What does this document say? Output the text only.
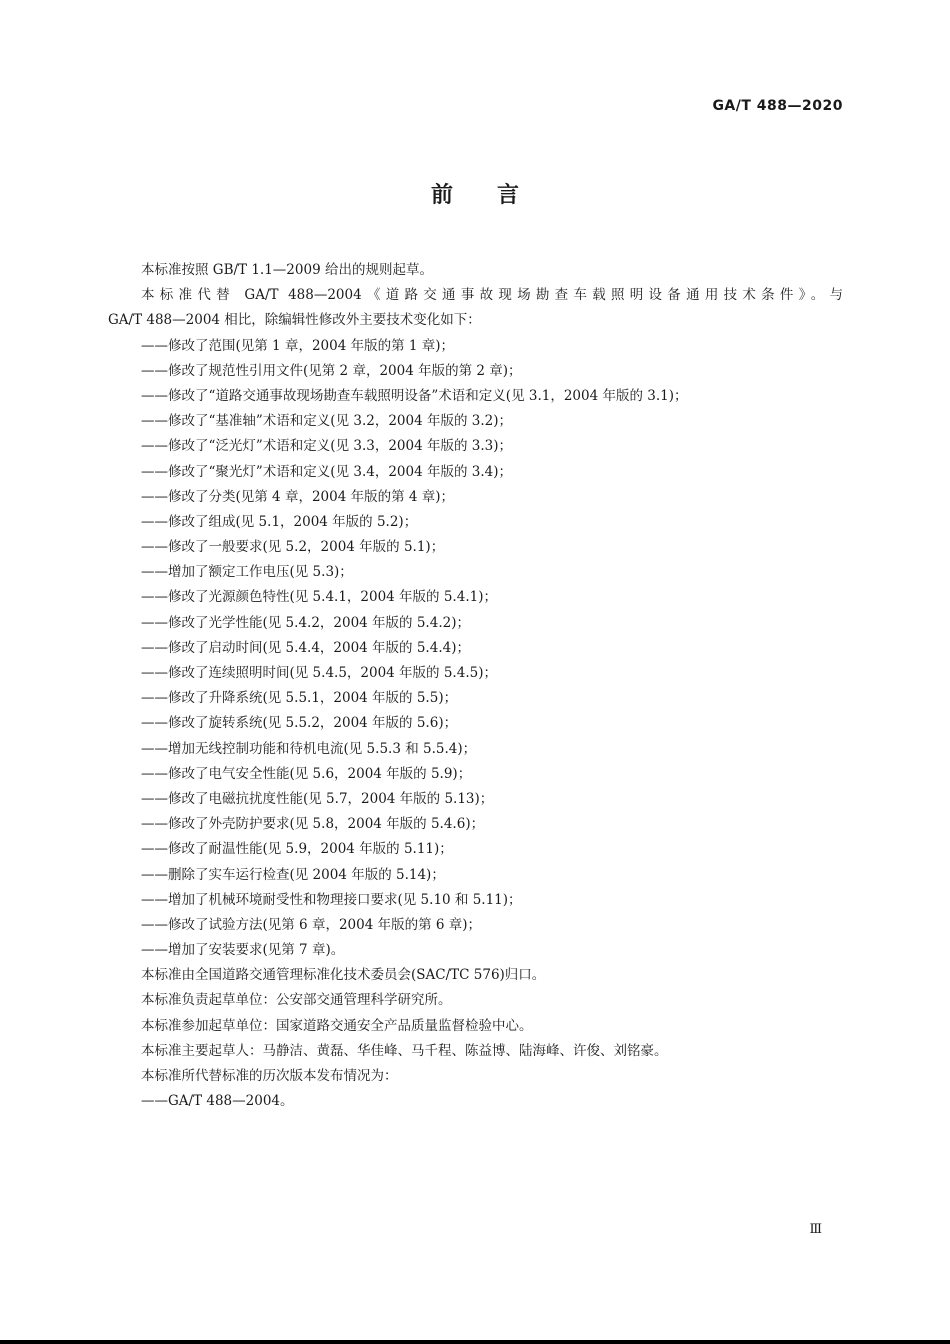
GA/T 488—2020
前言
本标准按照 GB/T 1.1—2009 给出的规则起草。
本标准代替 GA/T 488—2004《道路交通事故现场勘查车载照明设备通用技术条件》。与
GA/T 488—2004 相比，除编辑性修改外主要技术变化如下：
——修改了范围(见第 1 章，2004 年版的第 1 章)；
——修改了规范性引用文件(见第 2 章，2004 年版的第 2 章)；
——修改了“道路交通事故现场勘查车载照明设备”术语和定义(见 3.1，2004 年版的 3.1)；
——修改了“基准轴”术语和定义(见 3.2，2004 年版的 3.2)；
——修改了“泛光灯”术语和定义(见 3.3，2004 年版的 3.3)；
——修改了“聚光灯”术语和定义(见 3.4，2004 年版的 3.4)；
——修改了分类(见第 4 章，2004 年版的第 4 章)；
——修改了组成(见 5.1，2004 年版的 5.2)；
——修改了一般要求(见 5.2，2004 年版的 5.1)；
——增加了额定工作电压(见 5.3)；
——修改了光源颜色特性(见 5.4.1，2004 年版的 5.4.1)；
——修改了光学性能(见 5.4.2，2004 年版的 5.4.2)；
——修改了启动时间(见 5.4.4，2004 年版的 5.4.4)；
——修改了连续照明时间(见 5.4.5，2004 年版的 5.4.5)；
——修改了升降系统(见 5.5.1，2004 年版的 5.5)；
——修改了旋转系统(见 5.5.2，2004 年版的 5.6)；
——增加无线控制功能和待机电流(见 5.5.3 和 5.5.4)；
——修改了电气安全性能(见 5.6，2004 年版的 5.9)；
——修改了电磁抗扰度性能(见 5.7，2004 年版的 5.13)；
——修改了外壳防护要求(见 5.8，2004 年版的 5.4.6)；
——修改了耐温性能(见 5.9，2004 年版的 5.11)；
——删除了实车运行检查(见 2004 年版的 5.14)；
——增加了机械环境耐受性和物理接口要求(见 5.10 和 5.11)；
——修改了试验方法(见第 6 章，2004 年版的第 6 章)；
——增加了安装要求(见第 7 章)。
本标准由全国道路交通管理标准化技术委员会(SAC/TC 576)归口。
本标准负责起草单位：公安部交通管理科学研究所。
本标准参加起草单位：国家道路交通安全产品质量监督检验中心。
本标准主要起草人：马静洁、黄磊、华佳峰、马千程、陈益博、陆海峰、许俊、刘铭豪。
本标准所代替标准的历次版本发布情况为：
——GA/T 488—2004。
Ⅲ
